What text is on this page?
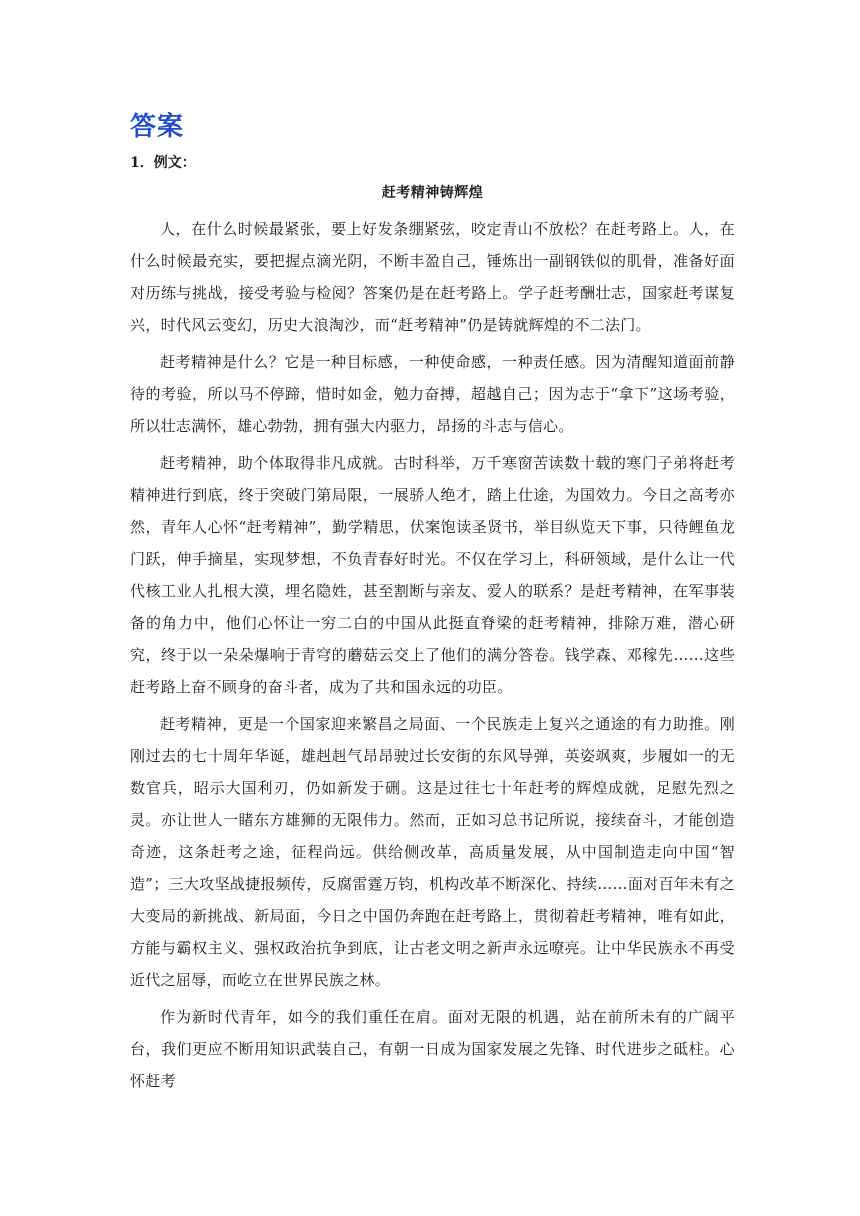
答案
1．例文：
赶考精神铸辉煌

人，在什么时候最紧张，要上好发条绷紧弦，咬定青山不放松？在赶考路上。人，在什么时候最充实，要把握点滴光阴，不断丰盈自己，锤炼出一副钢铁似的肌骨，准备好面对历练与挑战，接受考验与检阅？答案仍是在赶考路上。学子赶考酬壮志，国家赶考谋复兴，时代风云变幻，历史大浪淘沙，而“赶考精神”仍是铸就辉煌的不二法门。

赶考精神是什么？它是一种目标感，一种使命感，一种责任感。因为清醒知道面前静待的考验，所以马不停蹄，惜时如金，勉力奋搏，超越自己；因为志于“拿下”这场考验，所以壮志满怀，雄心勃勃，拥有强大内驱力，昂扬的斗志与信心。

赶考精神，助个体取得非凡成就。古时科举，万千寒窗苦读数十载的寒门子弟将赶考精神进行到底，终于突破门第局限，一展骄人绝才，踏上仕途，为国效力。今日之高考亦然，青年人心怀“赶考精神”，勤学精思，伏案饱读圣贤书，举目纵览天下事，只待鲤鱼龙门跃，伸手摘星，实现梦想，不负青春好时光。不仅在学习上，科研领域，是什么让一代代核工业人扎根大漠，埋名隐姓，甚至割断与亲友、爱人的联系？是赶考精神，在军事装备的角力中，他们心怀让一穷二白的中国从此挺直脊梁的赶考精神，排除万难，潜心研究，终于以一朵朵爆响于青穹的蘑菇云交上了他们的满分答卷。钱学森、邓稼先……这些赶考路上奋不顾身的奋斗者，成为了共和国永远的功臣。

赶考精神，更是一个国家迎来繁昌之局面、一个民族走上复兴之通途的有力助推。刚刚过去的七十周年华诞，雄赳赳气昂昂驶过长安街的东风导弹，英姿飒爽，步履如一的无数官兵，昭示大国利刃，仍如新发于硎。这是过往七十年赶考的辉煌成就，足慰先烈之灵。亦让世人一睹东方雄狮的无限伟力。然而，正如习总书记所说，接续奋斗，才能创造奇迹，这条赶考之途，征程尚远。供给侧改革，高质量发展，从中国制造走向中国“智造”；三大攻坚战捷报频传，反腐雷霆万钧，机构改革不断深化、持续……面对百年未有之大变局的新挑战、新局面，今日之中国仍奔跑在赶考路上，贯彻着赶考精神，唯有如此，方能与霸权主义、强权政治抗争到底，让古老文明之新声永远嘹亮。让中华民族永不再受近代之屈辱，而屹立在世界民族之林。

作为新时代青年，如今的我们重任在肩。面对无限的机遇，站在前所未有的广阔平台，我们更应不断用知识武装自己，有朝一日成为国家发展之先锋、时代进步之砥柱。心怀赶考
